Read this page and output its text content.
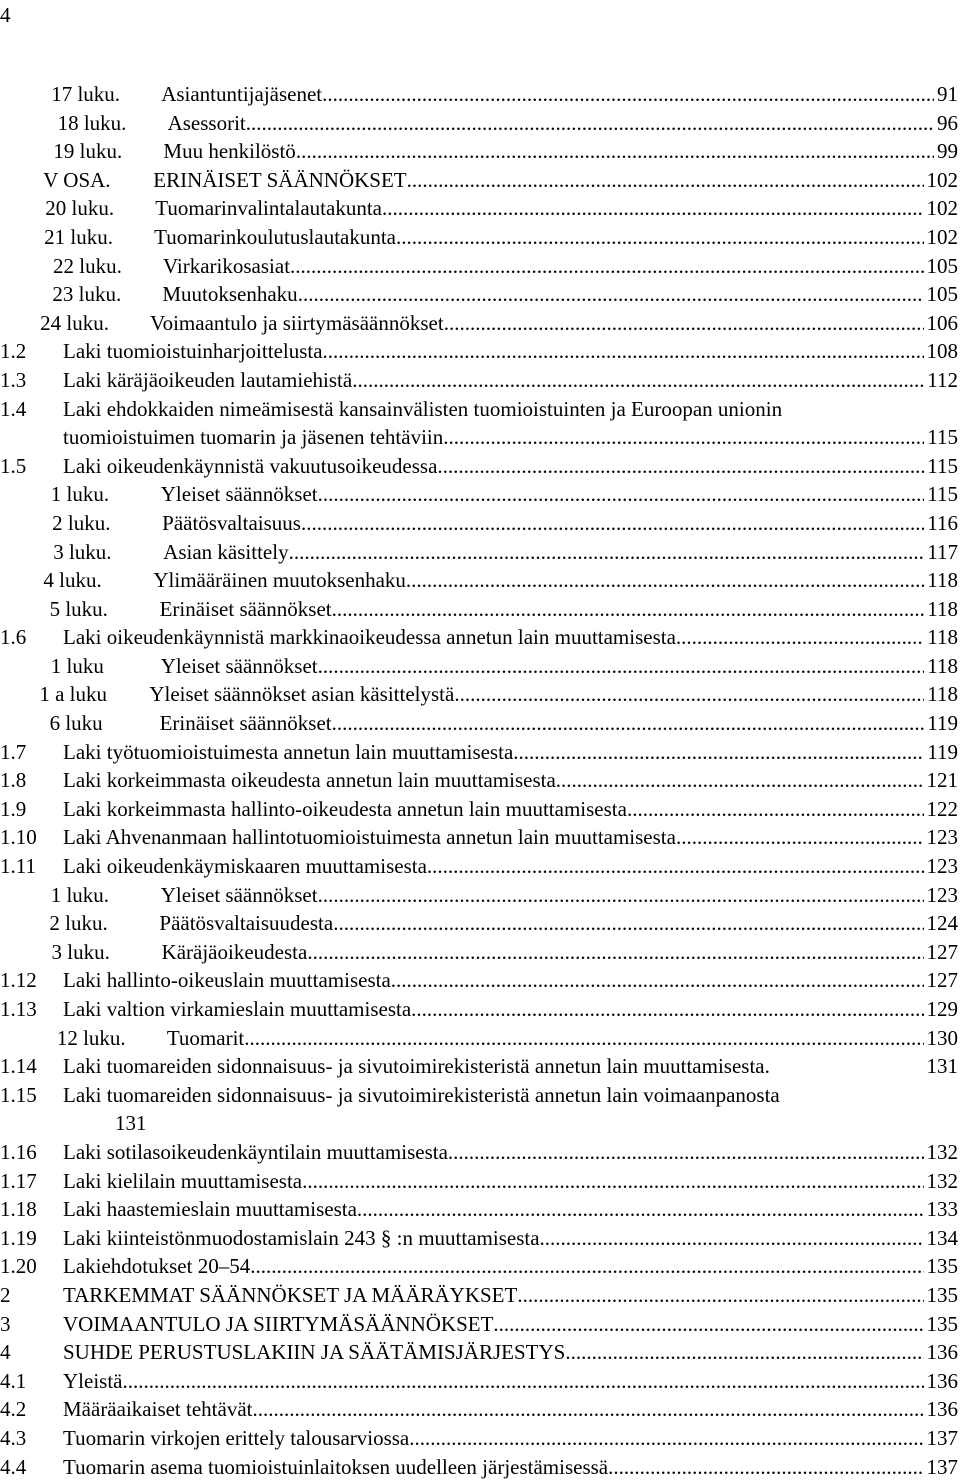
4
17 luku.	Asiantuntijajäsenet .....	91
18 luku.	Asessorit .....	96
19 luku.	Muu henkilöstö .....	99
V OSA.	ERINÄISET SÄÄNNÖKSET .....	102
20 luku.	Tuomarinvalintalautakunta .....	102
21 luku.	Tuomarinkoulutuslautakunta .....	102
22 luku.	Virkarikosasiat .....	105
23 luku.	Muutoksenhaku .....	105
24 luku.	Voimaantulo ja siirtymäsäännökset .....	106
1.2	Laki tuomioistuinharjoittelusta .....	108
1.3	Laki käräjäoikeuden lautamiehistä .....	112
1.4	Laki ehdokkaiden nimeämisestä kansainvälisten tuomioistuinten ja Euroopan unionin
tuomioistuimen tuomarin ja jäsenen tehtäviin .....	115
1.5	Laki oikeudenkäynnistä vakuutusoikeudessa .....	115
1 luku.	Yleiset säännökset .....	115
2 luku.	Päätösvaltaisuus .....	116
3 luku.	Asian käsittely .....	117
4 luku.	Ylimääräinen muutoksenhaku .....	118
5 luku.	Erinäiset säännökset .....	118
1.6	Laki oikeudenkäynnistä markkinaoikeudessa annetun lain muuttamisesta .....	118
1 luku	Yleiset säännökset .....	118
1 a luku	Yleiset säännökset asian käsittelystä .....	118
6 luku	Erinäiset säännökset .....	119
1.7	Laki työtuomioistuimesta annetun lain muuttamisesta .....	119
1.8	Laki korkeimmasta oikeudesta annetun lain muuttamisesta .....	121
1.9	Laki korkeimmasta hallinto-oikeudesta annetun lain muuttamisesta .....	122
1.10	Laki Ahvenanmaan hallintotuomioistuimesta annetun lain muuttamisesta .....	123
1.11	Laki oikeudenkäymiskaaren muuttamisesta .....	123
1 luku.	Yleiset säännökset .....	123
2 luku.	Päätösvaltaisuudesta .....	124
3 luku.	Käräjäoikeudesta .....	127
1.12	Laki hallinto-oikeuslain muuttamisesta .....	127
1.13	Laki valtion virkamieslain muuttamisesta .....	129
12 luku.	Tuomarit .....	130
1.14	Laki tuomareiden sidonnaisuus- ja sivutoimirekisteristä annetun lain muuttamisesta.	131
1.15	Laki tuomareiden sidonnaisuus- ja sivutoimirekisteristä annetun lain voimaanpanosta
131
1.16	Laki sotilasoikeudenkäyntilain muuttamisesta .....	132
1.17	Laki kielilain muuttamisesta .....	132
1.18	Laki haastemieslain muuttamisesta .....	133
1.19	Laki kiinteistönmuodostamislain 243 § :n muuttamisesta .....	134
1.20	Lakiehdotukset 20–54 .....	135
2	TARKEMMAT SÄÄNNÖKSET JA MÄÄRÄYKSET .....	135
3	VOIMAANTULO JA SIIRTYMÄSÄÄNNÖKSET .....	135
4	SUHDE PERUSTUSLAKIIN JA SÄÄTÄMISJÄRJESTYS .....	136
4.1	Yleistä .....	136
4.2	Määräaikaiset tehtävät .....	136
4.3	Tuomarin virkojen erittely talousarviossa .....	137
4.4	Tuomarin asema tuomioistuinlaitoksen uudelleen järjestämisessä .....	137
